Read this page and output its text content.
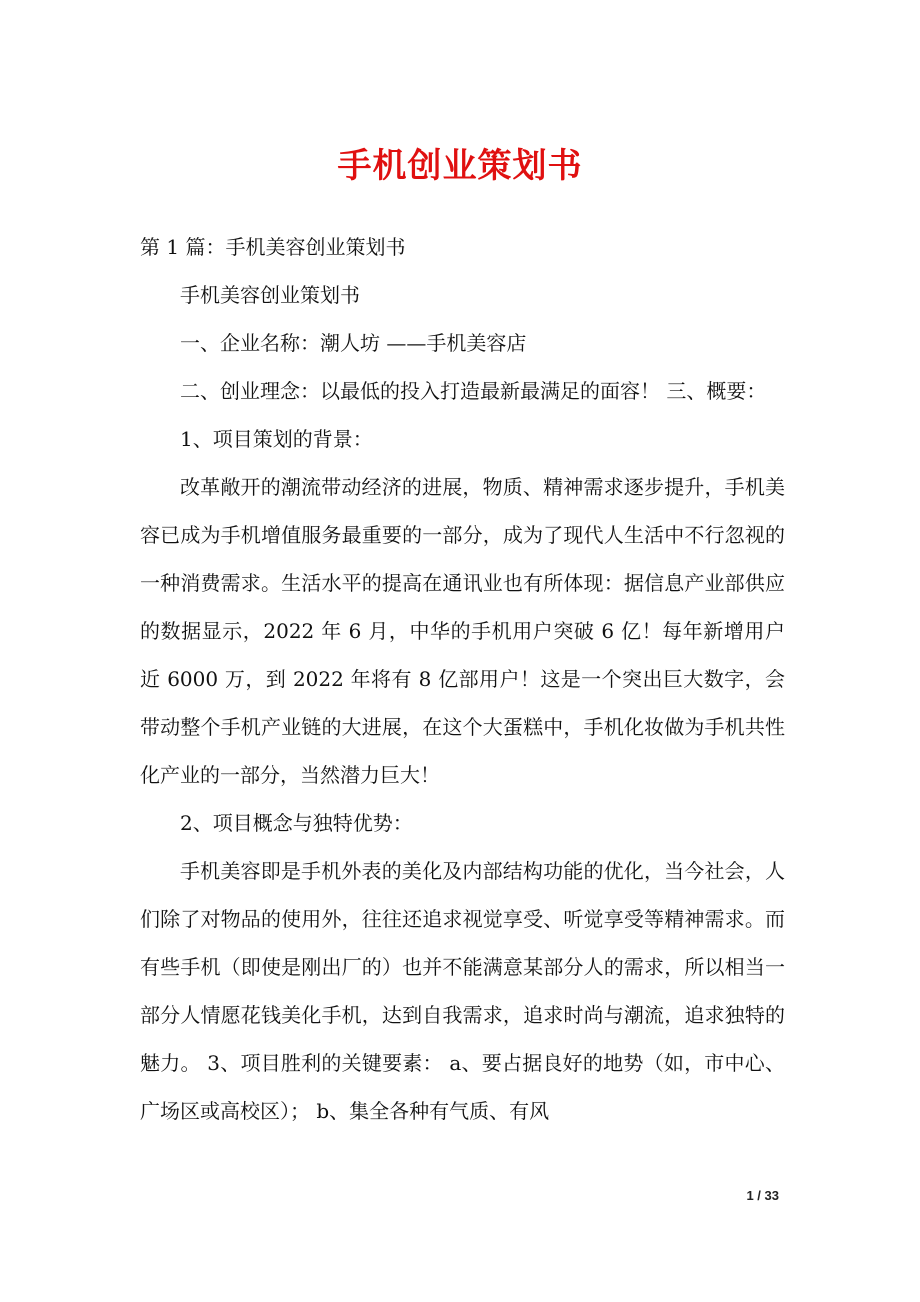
手机创业策划书

第 1 篇：手机美容创业策划书

手机美容创业策划书

一、企业名称：潮人坊 ——手机美容店

二、创业理念：以最低的投入打造最新最满足的面容！ 三、概要：

1、项目策划的背景：

改革敞开的潮流带动经济的进展，物质、精神需求逐步提升，手机美容已成为手机增值服务最重要的一部分，成为了现代人生活中不行忽视的一种消费需求。生活水平的提高在通讯业也有所体现：据信息产业部供应的数据显示，2022 年 6 月，中华的手机用户突破 6 亿！每年新增用户近 6000 万，到 2022 年将有 8 亿部用户！这是一个突出巨大数字，会带动整个手机产业链的大进展，在这个大蛋糕中，手机化妆做为手机共性化产业的一部分，当然潜力巨大！

2、项目概念与独特优势：

手机美容即是手机外表的美化及内部结构功能的优化，当今社会，人们除了对物品的使用外，往往还追求视觉享受、听觉享受等精神需求。而有些手机（即使是刚出厂的）也并不能满意某部分人的需求，所以相当一部分人情愿花钱美化手机，达到自我需求，追求时尚与潮流，追求独特的魅力。 3、项目胜利的关键要素： a、要占据良好的地势（如，市中心、广场区或高校区）； b、集全各种有气质、有风

1 / 33
